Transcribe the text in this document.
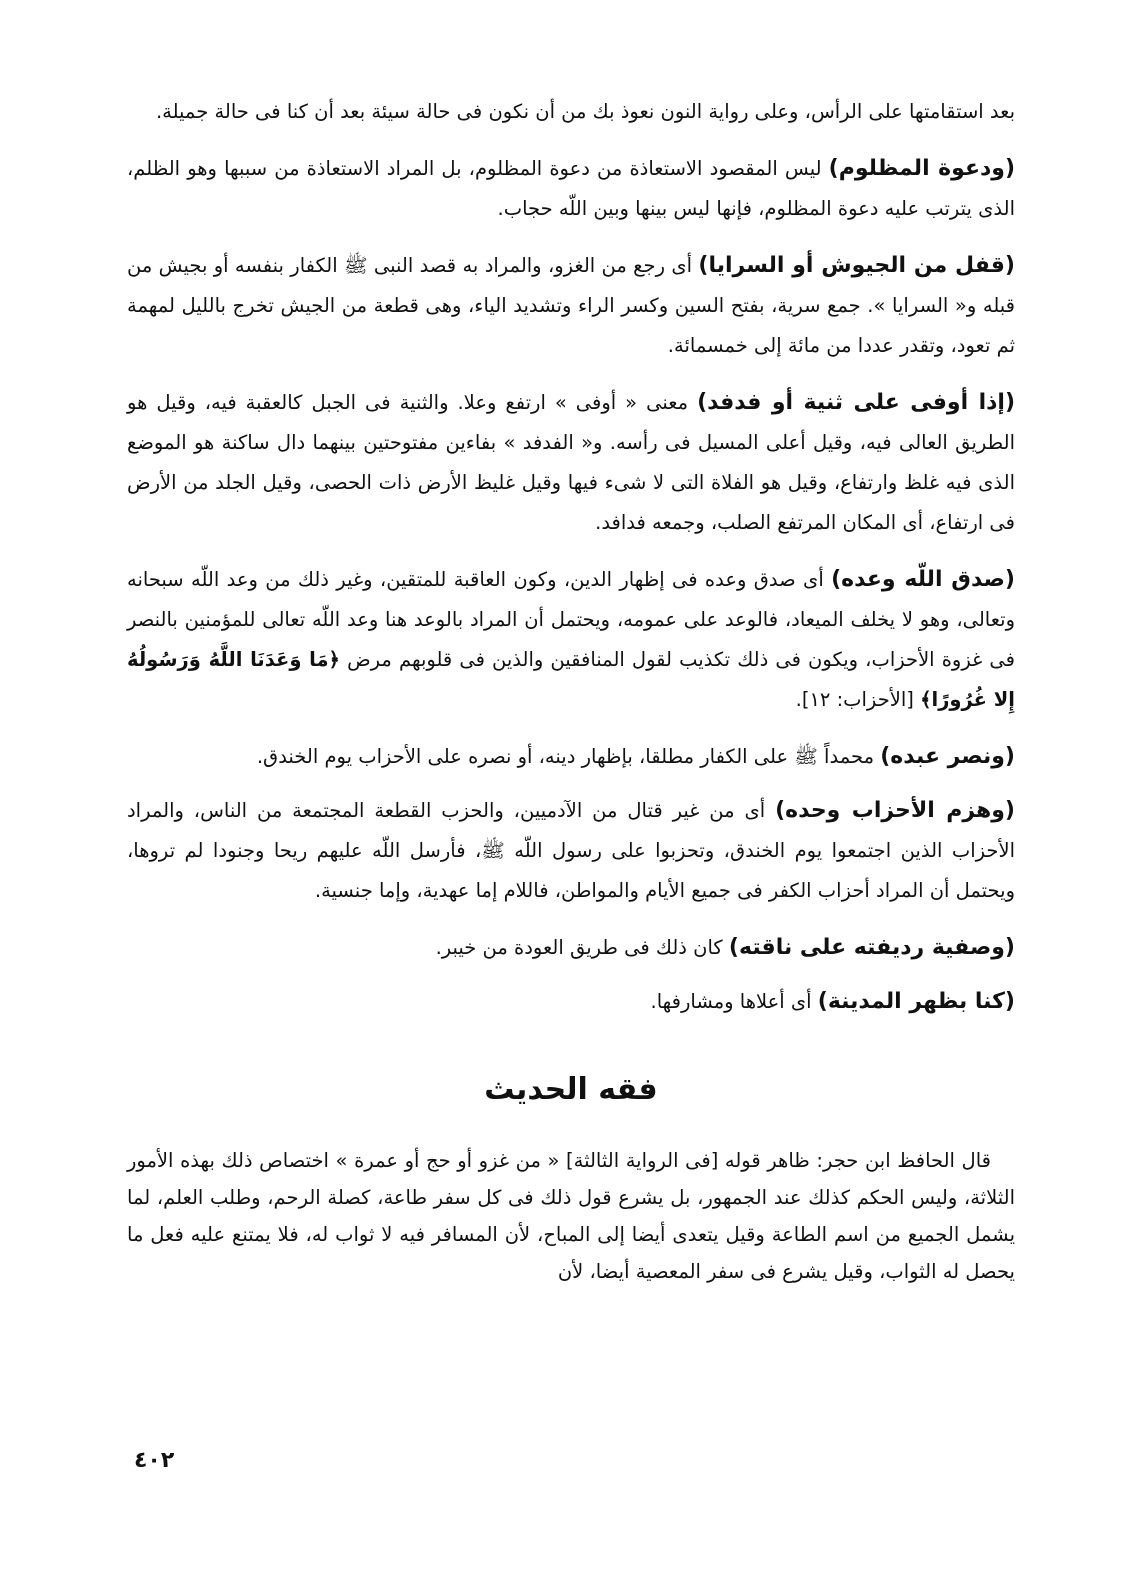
بعد استقامتها على الرأس، وعلى رواية النون نعوذ بك من أن نكون فى حالة سيئة بعد أن كنا فى حالة جميلة.

(ودعوة المظلوم) ليس المقصود الاستعاذة من دعوة المظلوم، بل المراد الاستعاذة من سببها وهو الظلم، الذى يترتب عليه دعوة المظلوم، فإنها ليس بينها وبين اللّه حجاب.

(قفل من الجيوش أو السرايا) أى رجع من الغزو، والمراد به قصد النبى ﷺ الكفار بنفسه أو بجيش من قبله و« السرايا ». جمع سرية، بفتح السين وكسر الراء وتشديد الياء، وهى قطعة من الجيش تخرج بالليل لمهمة ثم تعود، وتقدر عددا من مائة إلى خمسمائة.

(إذا أوفى على ثنية أو فدفد) معنى « أوفى » ارتفع وعلا. والثنية فى الجبل كالعقبة فيه، وقيل هو الطريق العالى فيه، وقيل أعلى المسيل فى رأسه. و« الفدفد » بفاءين مفتوحتين بينهما دال ساكنة هو الموضع الذى فيه غلظ وارتفاع، وقيل هو الفلاة التى لا شىء فيها وقيل غليظ الأرض ذات الحصى، وقيل الجلد من الأرض فى ارتفاع، أى المكان المرتفع الصلب، وجمعه فدافد.

(صدق اللّه وعده) أى صدق وعده فى إظهار الدين، وكون العاقبة للمتقين، وغير ذلك من وعد اللّه سبحانه وتعالى، وهو لا يخلف الميعاد، فالوعد على عمومه، ويحتمل أن المراد بالوعد هنا وعد اللّه تعالى للمؤمنين بالنصر فى غزوة الأحزاب، ويكون فى ذلك تكذيب لقول المنافقين والذين فى قلوبهم مرض ﴿مَا وَعَدَنَا اللَّهُ وَرَسُولُهُ إِلا غُرُورًا﴾ [الأحزاب: ١٢].

(ونصر عبده) محمداً ﷺ على الكفار مطلقا، بإظهار دينه، أو نصره على الأحزاب يوم الخندق.

(وهزم الأحزاب وحده) أى من غير قتال من الآدميين، والحزب القطعة المجتمعة من الناس، والمراد الأحزاب الذين اجتمعوا يوم الخندق، وتحزبوا على رسول اللّه ﷺ، فأرسل اللّه عليهم ريحا وجنودا لم تروها، ويحتمل أن المراد أحزاب الكفر فى جميع الأيام والمواطن، فاللام إما عهدية، وإما جنسية.

(وصفية رديفته على ناقته) كان ذلك فى طريق العودة من خيبر.

(كنا بظهر المدينة) أى أعلاها ومشارفها.

فقه الحديث

قال الحافظ ابن حجر: ظاهر قوله [فى الرواية الثالثة] « من غزو أو حج أو عمرة » اختصاص ذلك بهذه الأمور الثلاثة، وليس الحكم كذلك عند الجمهور، بل يشرع قول ذلك فى كل سفر طاعة، كصلة الرحم، وطلب العلم، لما يشمل الجميع من اسم الطاعة وقيل يتعدى أيضا إلى المباح، لأن المسافر فيه لا ثواب له، فلا يمتنع عليه فعل ما يحصل له الثواب، وقيل يشرع فى سفر المعصية أيضا، لأن

٤٠٢
